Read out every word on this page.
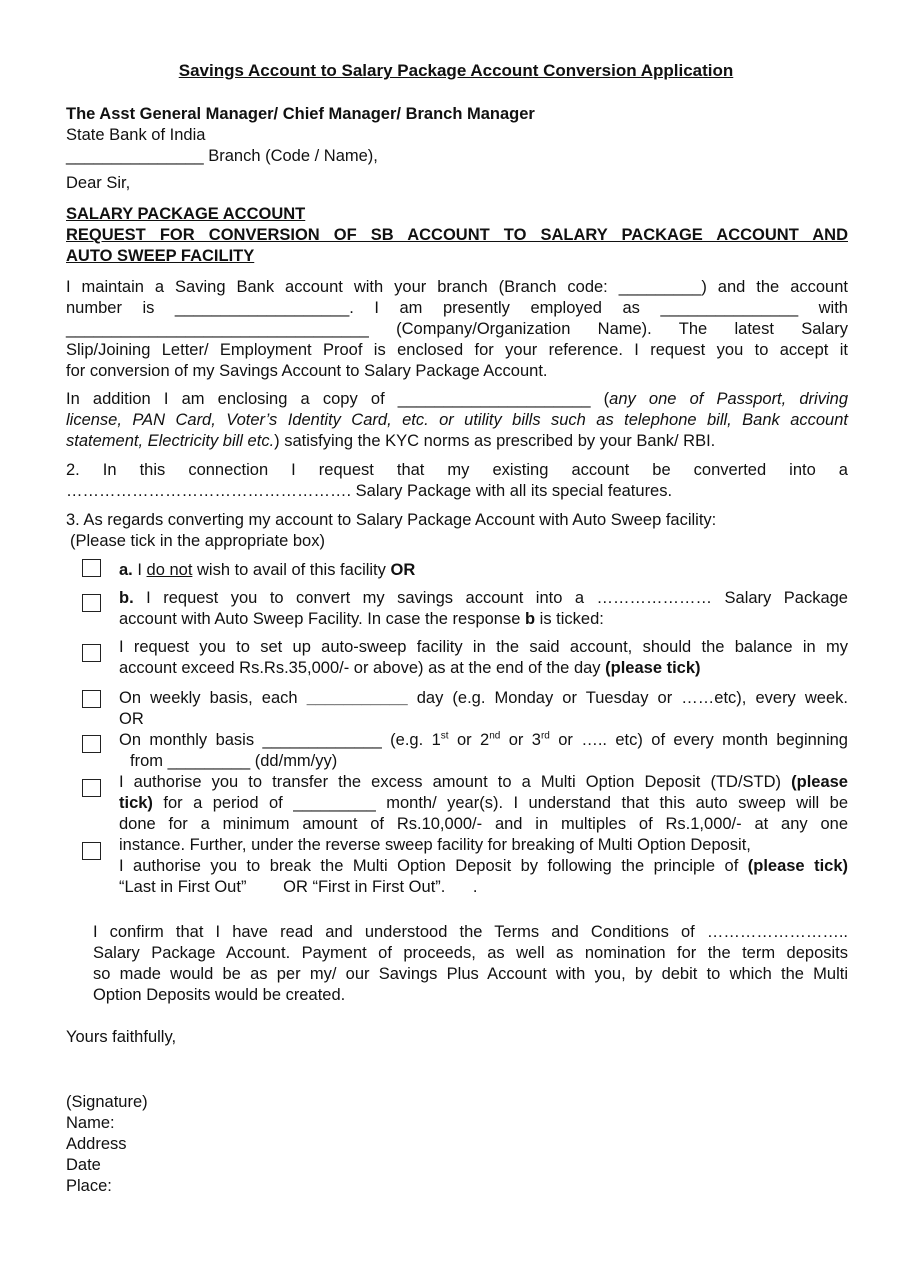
Savings Account to Salary Package Account Conversion Application
The Asst General Manager/ Chief Manager/ Branch Manager
State Bank of India
_______________ Branch (Code / Name),
Dear Sir,
SALARY PACKAGE ACCOUNT
REQUEST FOR CONVERSION OF SB ACCOUNT TO SALARY PACKAGE ACCOUNT AND
AUTO SWEEP FACILITY
I maintain a Saving Bank account with your branch (Branch code: _________) and the account
number is ___________________. I am presently employed as _______________ with
_________________________________ (Company/Organization Name). The latest Salary
Slip/Joining Letter/ Employment Proof is enclosed for your reference. I request you to accept it
for conversion of my Savings Account to Salary Package Account.
In addition I am enclosing a copy of _____________________ (any one of Passport, driving
license, PAN Card, Voter’s Identity Card, etc. or utility bills such as telephone bill, Bank account
statement, Electricity bill etc.) satisfying the KYC norms as prescribed by your Bank/ RBI.
2. In this connection I request that my existing account be converted into a
……………………………………………. Salary Package with all its special features.
3. As regards converting my account to Salary Package Account with Auto Sweep facility:
(Please tick in the appropriate box)
a. I do not wish to avail of this facility OR
b. I request you to convert my savings account into a ………………… Salary Package
account with Auto Sweep Facility. In case the response b is ticked:
I request you to set up auto-sweep facility in the said account, should the balance in my
account exceed Rs.Rs.35,000/- or above) as at the end of the day (please tick)
On weekly basis, each ___________ day (e.g. Monday or Tuesday or ……etc), every week.
OR
On monthly basis _____________ (e.g. 1st or 2nd or 3rd or ….. etc) of every month beginning
from _________ (dd/mm/yy)
I authorise you to transfer the excess amount to a Multi Option Deposit (TD/STD) (please
tick) for a period of _________ month/ year(s). I understand that this auto sweep will be
done for a minimum amount of Rs.10,000/- and in multiples of Rs.1,000/- at any one
instance. Further, under the reverse sweep facility for breaking of Multi Option Deposit,
I authorise you to break the Multi Option Deposit by following the principle of (please tick)
“Last in First Out”        OR “First in First Out”.      .
I confirm that I have read and understood the Terms and Conditions of ……………………..
Salary Package Account. Payment of proceeds, as well as nomination for the term deposits
so made would be as per my/ our Savings Plus Account with you, by debit to which the Multi
Option Deposits would be created.
Yours faithfully,
(Signature)
Name:
Address
Date
Place:
